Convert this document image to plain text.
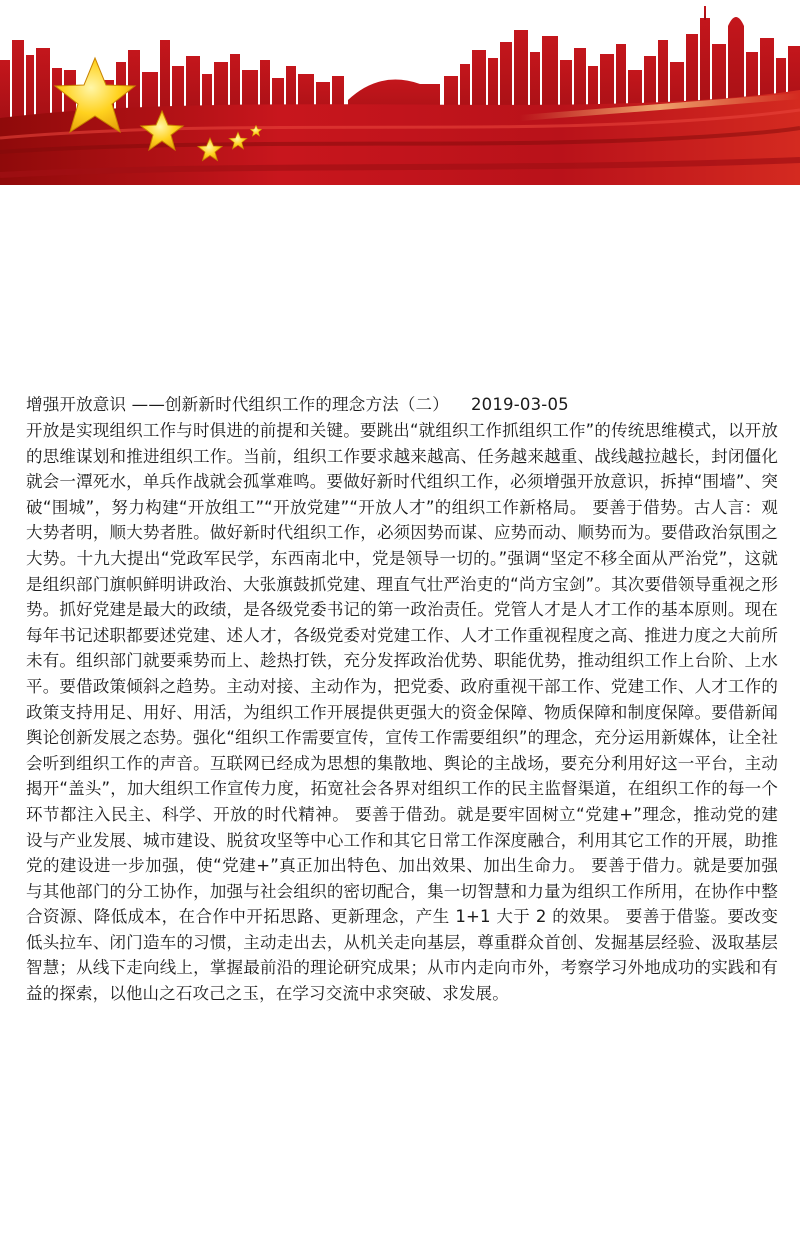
增强开放意识 ——创新新时代组织工作的理念方法（二） 2019-03-05
开放是实现组织工作与时俱进的前提和关键。要跳出“就组织工作抓组织工作”的传统思维模式，以开放的思维谋划和推进组织工作。当前，组织工作要求越来越高、任务越来越重、战线越拉越长，封闭僵化就会一潭死水，单兵作战就会孤掌难鸣。要做好新时代组织工作，必须增强开放意识，拆掉“围墙”、突破“围城”，努力构建“开放组工”“开放党建”“开放人才”的组织工作新格局。 要善于借势。古人言：观大势者明，顺大势者胜。做好新时代组织工作，必须因势而谋、应势而动、顺势而为。要借政治氛围之大势。十九大提出“党政军民学，东西南北中，党是领导一切的。”强调“坚定不移全面从严治党”，这就是组织部门旗帜鲜明讲政治、大张旗鼓抓党建、理直气壮严治吏的“尚方宝剑”。其次要借领导重视之形势。抓好党建是最大的政绩，是各级党委书记的第一政治责任。党管人才是人才工作的基本原则。现在每年书记述职都要述党建、述人才，各级党委对党建工作、人才工作重视程度之高、推进力度之大前所未有。组织部门就要乘势而上、趁热打铁，充分发挥政治优势、职能优势，推动组织工作上台阶、上水平。要借政策倾斜之趋势。主动对接、主动作为，把党委、政府重视干部工作、党建工作、人才工作的政策支持用足、用好、用活，为组织工作开展提供更强大的资金保障、物质保障和制度保障。要借新闻舆论创新发展之态势。强化“组织工作需要宣传，宣传工作需要组织”的理念，充分运用新媒体，让全社会听到组织工作的声音。互联网已经成为思想的集散地、舆论的主战场，要充分利用好这一平台，主动揭开“盖头”，加大组织工作宣传力度，拓宽社会各界对组织工作的民主监督渠道，在组织工作的每一个环节都注入民主、科学、开放的时代精神。 要善于借劲。就是要牢固树立“党建+”理念，推动党的建设与产业发展、城市建设、脱贫攻坚等中心工作和其它日常工作深度融合，利用其它工作的开展，助推党的建设进一步加强，使“党建+”真正加出特色、加出效果、加出生命力。 要善于借力。就是要加强与其他部门的分工协作，加强与社会组织的密切配合，集一切智慧和力量为组织工作所用，在协作中整合资源、降低成本，在合作中开拓思路、更新理念，产生 1+1 大于 2 的效果。 要善于借鉴。要改变低头拉车、闭门造车的习惯，主动走出去，从机关走向基层，尊重群众首创、发掘基层经验、汲取基层智慧；从线下走向线上，掌握最前沿的理论研究成果；从市内走向市外，考察学习外地成功的实践和有益的探索，以他山之石攻己之玉，在学习交流中求突破、求发展。
